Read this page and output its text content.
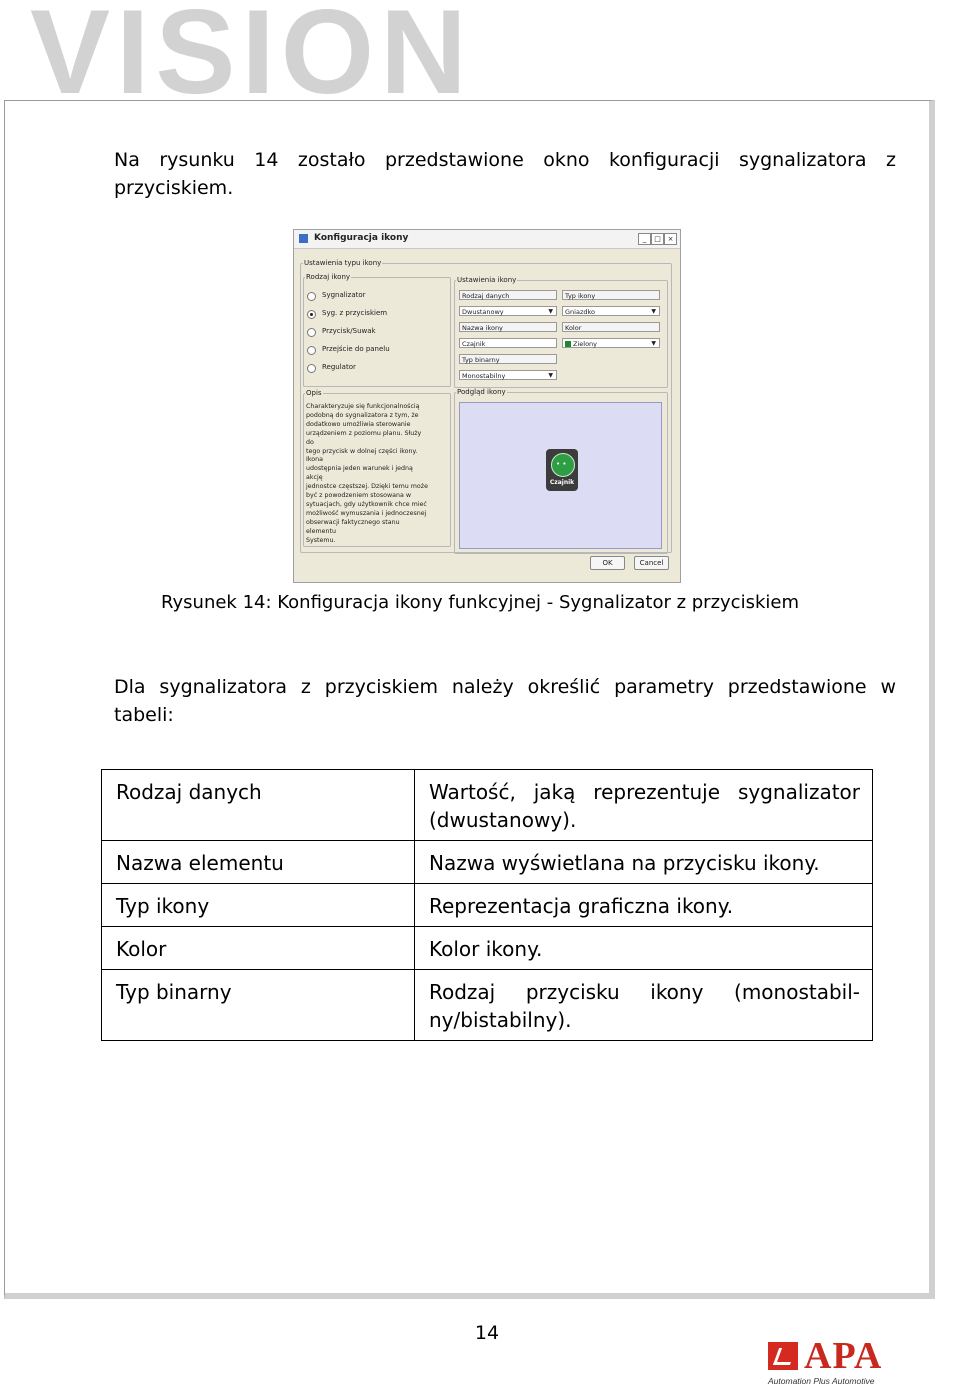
VISION
Na rysunku 14 zostało przedstawione okno konfiguracji sygnalizatora z przyciskiem.
Konfiguracja ikony	_	□ ×
Ustawienia typu ikony
Rodzaj ikony
Sygnalizator
Syg. z przyciskiem
Przycisk/Suwak
Przejście do panelu
Regulator
Opis
Charakteryzuje się funkcjonalnością
podobną do sygnalizatora z tym, że
dodatkowo umożliwia sterowanie
urządzeniem z poziomu planu. Służy do
tego przycisk w dolnej części ikony. Ikona
udostępnia jeden warunek i jedną akcję
jednostce częstszej. Dzięki temu może
być z powodzeniem stosowana w
sytuacjach, gdy użytkownik chce mieć
możliwość wymuszania i jednoczesnej
obserwacji faktycznego stanu elementu
Systemu.
Ustawienia ikony
Rodzaj danych
Dwustanowy	▼
Nazwa ikony
Czajnik
Typ binarny
Monostabilny	▼
Typ ikony
Gniazdko	▼
Kolor
Zielony	▼
Podgląd ikony
• •
Czajnik
OK	Cancel
Rysunek 14: Konfiguracja ikony funkcyjnej - Sygnalizator z przyciskiem
Dla sygnalizatora z przyciskiem należy określić parametry przedstawione w tabeli:
Rodzaj danych	Wartość, jaką reprezentuje sygnalizator (dwustanowy).
Nazwa elementu	Nazwa wyświetlana na przycisku ikony.
Typ ikony	Reprezentacja graficzna ikony.
Kolor	Kolor ikony.
Typ binarny	Rodzaj przycisku ikony (monostabil-ny/bistabilny).
14
APA
Automation Plus Automotive
